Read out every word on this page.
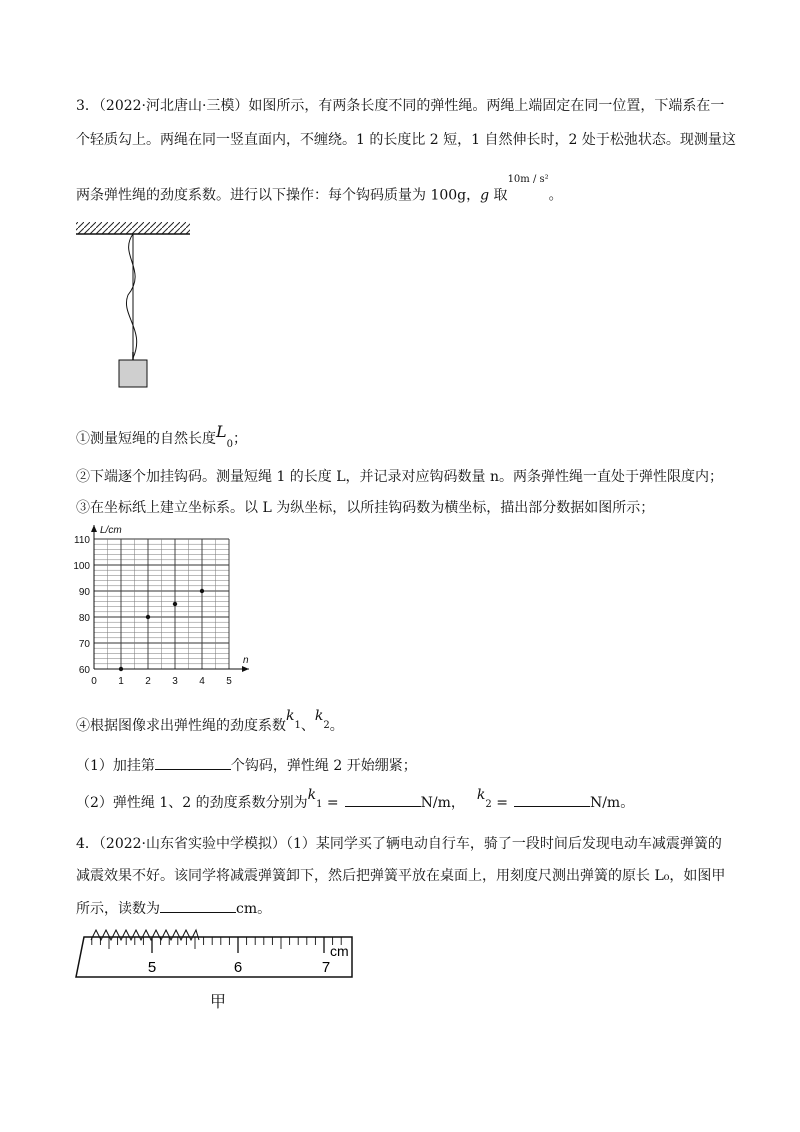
3．（2022·河北唐山·三模）如图所示，有两条长度不同的弹性绳。两绳上端固定在同一位置，下端系在一
个轻质勾上。两绳在同一竖直面内，不缠绕。1 的长度比 2 短，1 自然伸长时，2 处于松弛状态。现测量这
两条弹性绳的劲度系数。进行以下操作：每个钩码质量为 100g，g 取$^{10m / s^2}$。
①测量短绳的自然长度$L_0$；
②下端逐个加挂钩码。测量短绳 1 的长度 L，并记录对应钩码数量 n。两条弹性绳一直处于弹性限度内；
③在坐标纸上建立坐标系。以 L 为纵坐标，以所挂钩码数为横坐标，描出部分数据如图所示；
60
70
80
90
100
110
0 1 2 3 4 5
L/cm
n
④根据图像求出弹性绳的劲度系数$k_1$、$k_2$。
（1）加挂第	个钩码，弹性绳 2 开始绷紧；
（2）弹性绳 1、2 的劲度系数分别为$k_1$ =	N/m， $k_2$ =	N/m。
4．（2022·山东省实验中学模拟）（1）某同学买了辆电动自行车，骑了一段时间后发现电动车减震弹簧的
减震效果不好。该同学将减震弹簧卸下，然后把弹簧平放在桌面上，用刻度尺测出弹簧的原长 L₀，如图甲
所示，读数为	cm。
5	6	7
cm
甲
